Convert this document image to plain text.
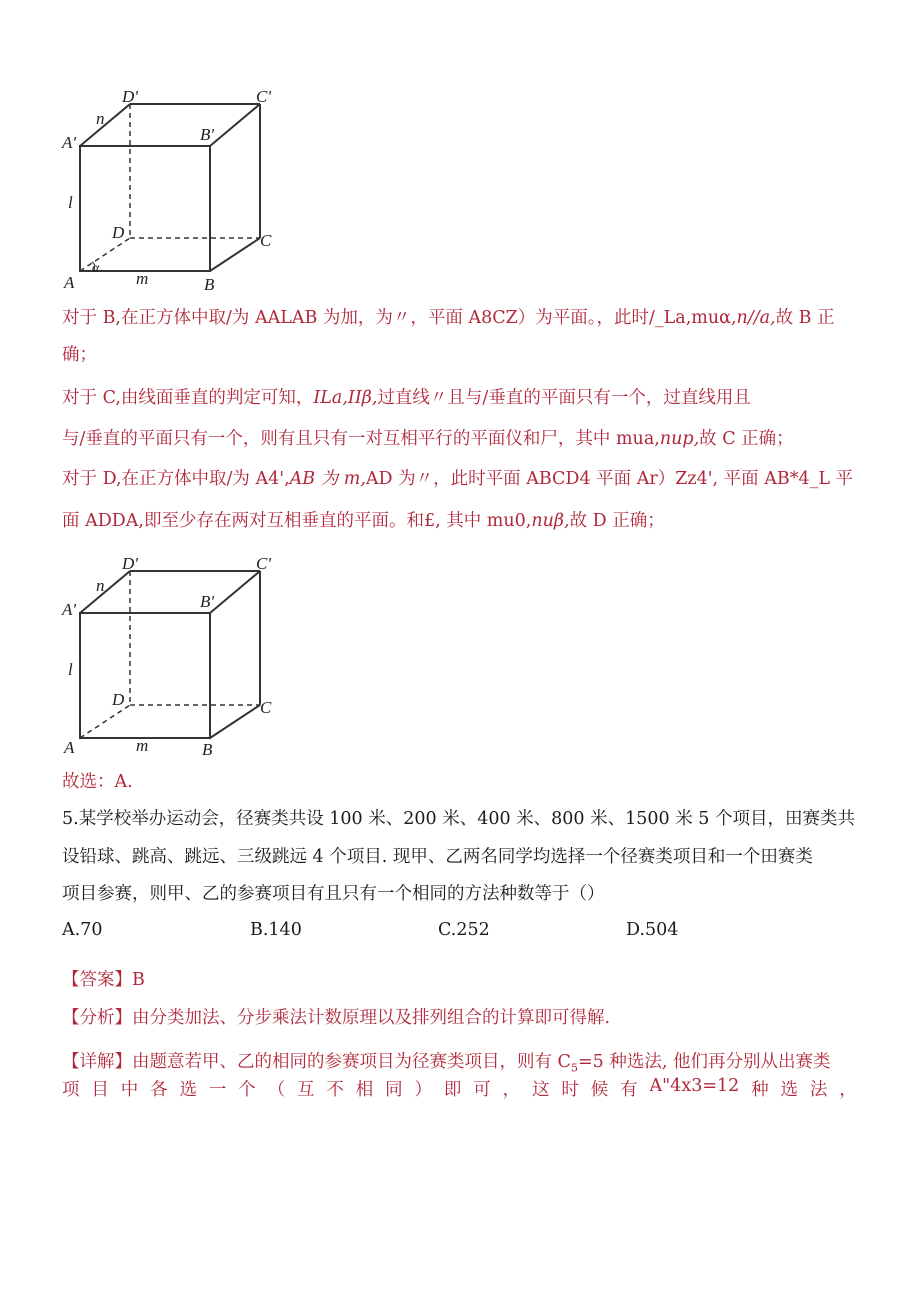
D'	C'
A'	B'
n
l
D	C
A	B
m
α
对于 B,在正方体中取/为 AALAB 为加，为〃，平面 A8CZ）为平面。，此时/_La,muα,n//a,故 B 正
确；
对于 C,由线面垂直的判定可知，ILa,IIβ,过直线〃且与/垂直的平面只有一个，过直线用且
与/垂直的平面只有一个，则有且只有一对互相平行的平面仪和尸，其中 mua,nup,故 C 正确；
对于 D,在正方体中取/为 A4',AB 为 m,AD 为〃，此时平面 ABCD4 平面 Ar）Zz4', 平面 AB*4_L 平
面 ADDA,即至少存在两对互相垂直的平面。和£, 其中 mu0,nuβ,故 D 正确；
D'	C'
A'	B'
n
l
D	C
A	B
m
故选：A.
5.某学校举办运动会，径赛类共设 100 米、200 米、400 米、800 米、1500 米 5 个项目，田赛类共
设铅球、跳高、跳远、三级跳远 4 个项目. 现甲、乙两名同学均选择一个径赛类项目和一个田赛类
项目参赛，则甲、乙的参赛项目有且只有一个相同的方法种数等于（）
A.70	B.140	C.252	D.504
【答案】B
【分析】由分类加法、分步乘法计数原理以及排列组合的计算即可得解.
【详解】由题意若甲、乙的相同的参赛项目为径赛类项目，则有 $C_5=5$ 种选法, 他们再分别从出赛类
项 目 中 各 选 一 个 （ 互 不 相 同 ） 即 可 ， 这 时 候 有 A"4x3=12 种 选 法 ，
